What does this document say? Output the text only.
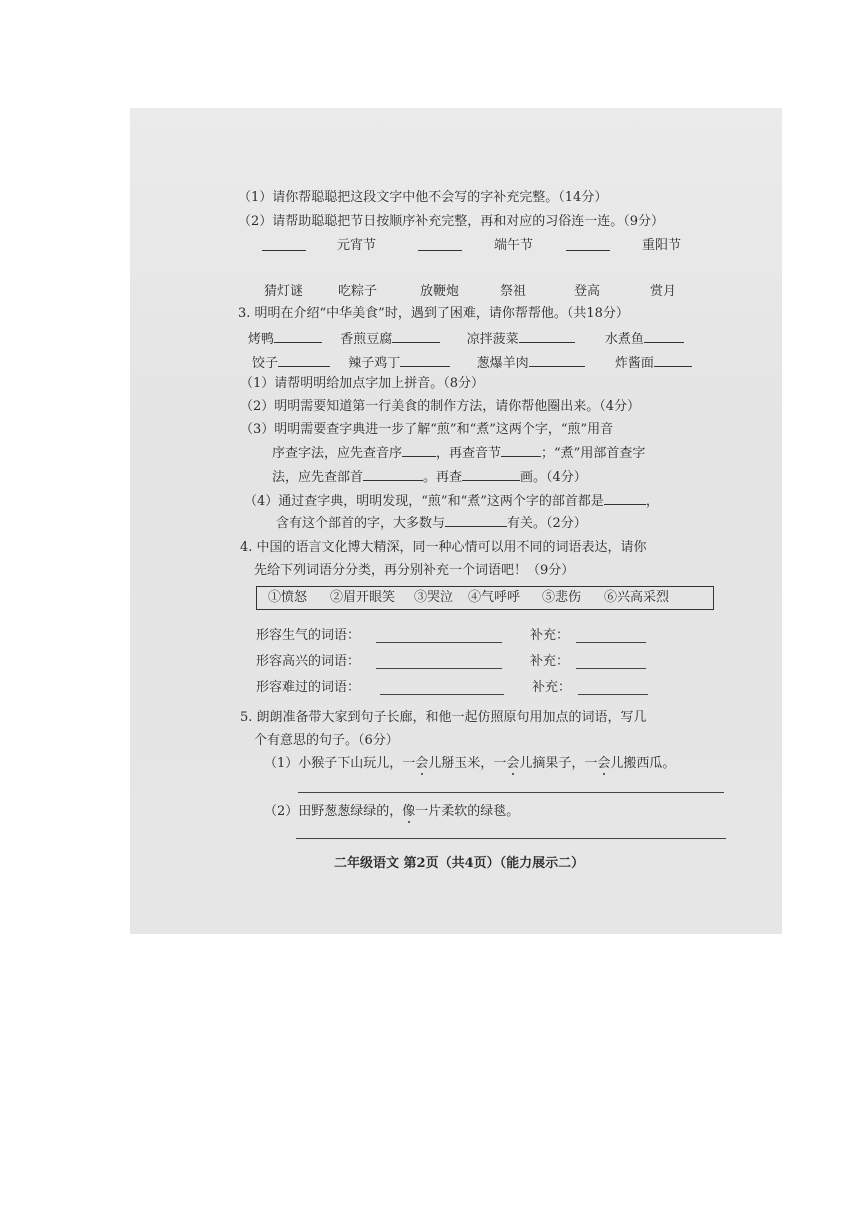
（1）请你帮聪聪把这段文字中他不会写的字补充完整。（14分）
（2）请帮助聪聪把节日按顺序补充完整，再和对应的习俗连一连。（9分）
元宵节	端午节	重阳节
猜灯谜	吃粽子	放鞭炮	祭祖	登高	赏月
3. 明明在介绍“中华美食”时，遇到了困难，请你帮帮他。（共18分）
烤鸭	香煎豆腐	凉拌菠菜	水煮鱼
饺子	辣子鸡丁	葱爆羊肉	炸酱面
（1）请帮明明给加点字加上拼音。（8分）
（2）明明需要知道第一行美食的制作方法，请你帮他圈出来。（4分）
（3）明明需要查字典进一步了解“煎”和“煮”这两个字，“煎”用音
序查字法，应先查音序	，再查音节	；“煮”用部首查字
法，应先查部首	。再查	画。（4分）
（4）通过查字典，明明发现，“煎”和“煮”这两个字的部首都是	，
含有这个部首的字，大多数与	有关。（2分）
4. 中国的语言文化博大精深，同一种心情可以用不同的词语表达，请你
先给下列词语分分类，再分别补充一个词语吧！（9分）
①愤怒 ②眉开眼笑 ③哭泣 ④气呼呼 ⑤悲伤 ⑥兴高采烈
形容生气的词语：	补充：
形容高兴的词语：	补充：
形容难过的词语：	补充：
5. 朗朗准备带大家到句子长廊，和他一起仿照原句用加点的词语，写几
个有意思的句子。（6分）
（1）小猴子下山玩儿，一会儿掰玉米，一会儿摘果子，一会儿搬西瓜。
（2）田野葱葱绿绿的，像一片柔软的绿毯。
二年级语文 第2页（共4页）（能力展示二）
